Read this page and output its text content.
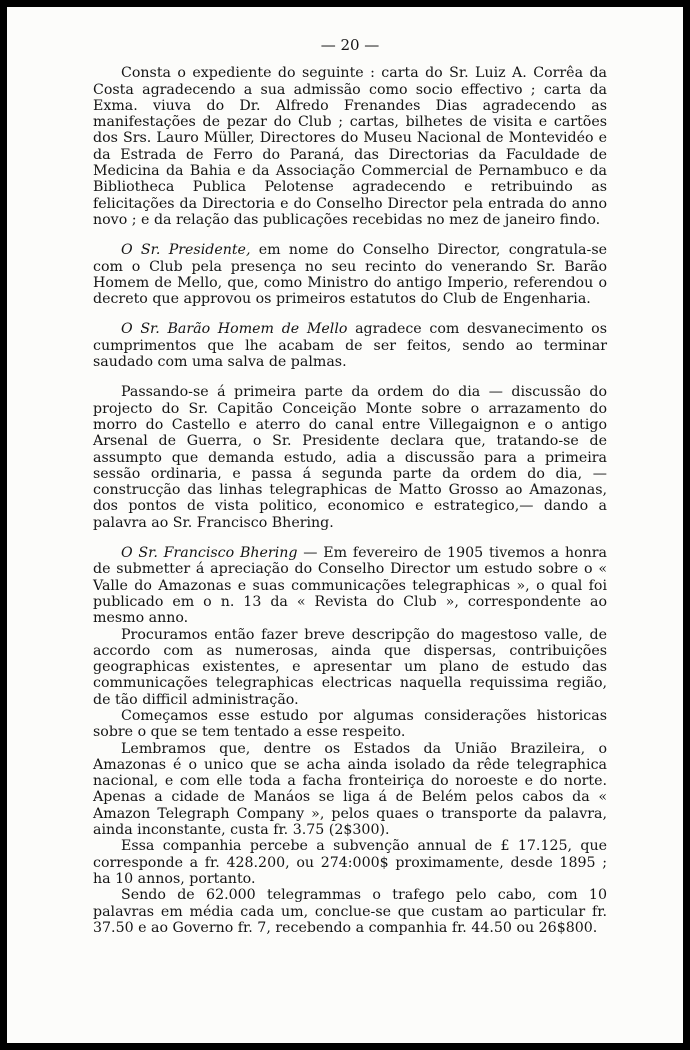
— 20 —

Consta o expediente do seguinte : carta do Sr. Luiz A. Corrêa da Costa agradecendo a sua admissão como socio effectivo ; carta da Exma. viuva do Dr. Alfredo Frenandes Dias agradecendo as manifestações de pezar do Club ; cartas, bilhetes de visita e cartões dos Srs. Lauro Müller, Directores do Museu Nacional de Montevidéo e da Estrada de Ferro do Paraná, das Directorias da Faculdade de Medicina da Bahia e da Associação Commercial de Pernambuco e da Bibliotheca Publica Pelotense agradecendo e retribuindo as felicitações da Directoria e do Conselho Director pela entrada do anno novo ; e da relação das publicações recebidas no mez de janeiro findo.

O Sr. Presidente, em nome do Conselho Director, congratula-se com o Club pela presença no seu recinto do venerando Sr. Barão Homem de Mello, que, como Ministro do antigo Imperio, referendou o decreto que approvou os primeiros estatutos do Club de Engenharia.

O Sr. Barão Homem de Mello agradece com desvanecimento os cumprimentos que lhe acabam de ser feitos, sendo ao terminar saudado com uma salva de palmas.

Passando-se á primeira parte da ordem do dia — discussão do projecto do Sr. Capitão Conceição Monte sobre o arrazamento do morro do Castello e aterro do canal entre Villegaignon e o antigo Arsenal de Guerra, o Sr. Presidente declara que, tratando-se de assumpto que demanda estudo, adia a discussão para a primeira sessão ordinaria, e passa á segunda parte da ordem do dia, — construcção das linhas telegraphicas de Matto Grosso ao Amazonas, dos pontos de vista politico, economico e estrategico,— dando a palavra ao Sr. Francisco Bhering.

O Sr. Francisco Bhering — Em fevereiro de 1905 tivemos a honra de submetter á apreciação do Conselho Director um estudo sobre o « Valle do Amazonas e suas communicações telegraphicas », o qual foi publicado em o n. 13 da « Revista do Club », correspondente ao mesmo anno.

Procuramos então fazer breve descripção do magestoso valle, de accordo com as numerosas, ainda que dispersas, contribuições geographicas existentes, e apresentar um plano de estudo das communicações telegraphicas electricas naquella requissima região, de tão difficil administração.

Começamos esse estudo por algumas considerações historicas sobre o que se tem tentado a esse respeito.

Lembramos que, dentre os Estados da União Brazileira, o Amazonas é o unico que se acha ainda isolado da rêde telegraphica nacional, e com elle toda a facha fronteiriça do noroeste e do norte. Apenas a cidade de Manáos se liga á de Belém pelos cabos da « Amazon Telegraph Company », pelos quaes o transporte da palavra, ainda inconstante, custa fr. 3.75 (2$300).

Essa companhia percebe a subvenção annual de £ 17.125, que corresponde a fr. 428.200, ou 274:000$ proximamente, desde 1895 ; ha 10 annos, portanto.

Sendo de 62.000 telegrammas o trafego pelo cabo, com 10 palavras em média cada um, conclue-se que custam ao particular fr. 37.50 e ao Governo fr. 7, recebendo a companhia fr. 44.50 ou 26$800.
